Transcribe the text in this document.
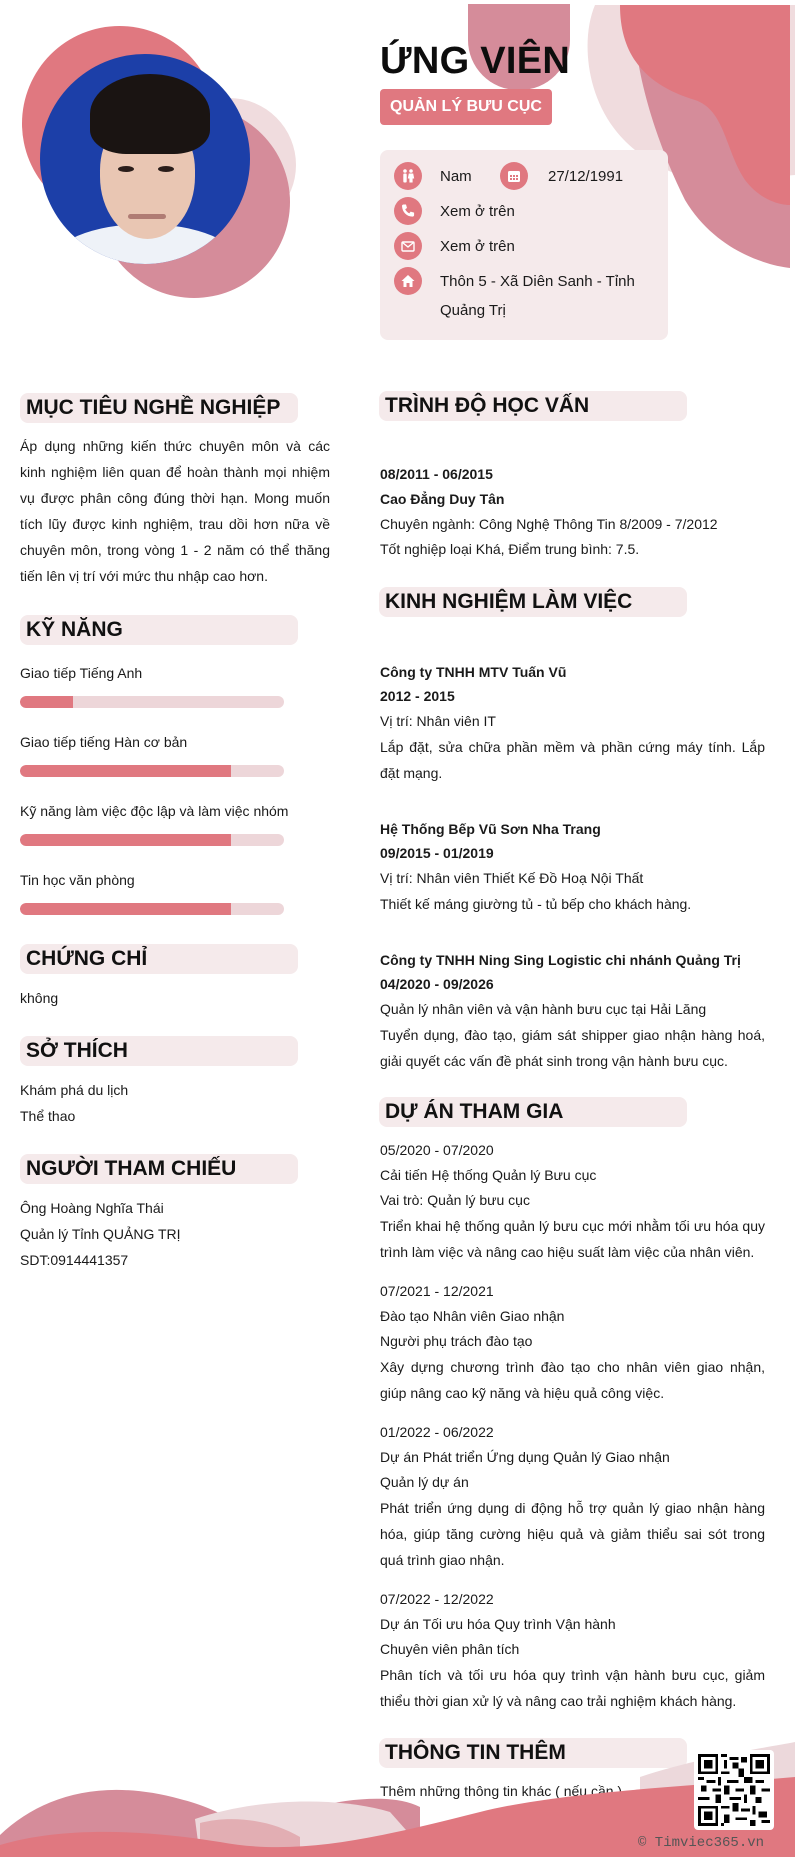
ỨNG VIÊN
QUẢN LÝ BƯU CỤC
Nam	27/12/1991
Xem ở trên
Xem ở trên
Thôn 5 - Xã Diên Sanh - Tỉnh
Quảng Trị
MỤC TIÊU NGHỀ NGHIỆP
Áp dụng những kiến thức chuyên môn và các kinh nghiệm liên quan để hoàn thành mọi nhiệm vụ được phân công đúng thời hạn. Mong muốn tích lũy được kinh nghiệm, trau dồi hơn nữa về chuyên môn, trong vòng 1 - 2 năm có thể thăng tiến lên vị trí với mức thu nhập cao hơn.
KỸ NĂNG
Giao tiếp Tiếng Anh
Giao tiếp tiếng Hàn cơ bản
Kỹ năng làm việc độc lập và làm việc nhóm
Tin học văn phòng
CHỨNG CHỈ
không
SỞ THÍCH
Khám phá du lịch
Thể thao
NGƯỜI THAM CHIẾU
Ông Hoàng Nghĩa Thái
Quản lý Tỉnh QUẢNG TRỊ
SDT:0914441357
TRÌNH ĐỘ HỌC VẤN
08/2011 - 06/2015
Cao Đẳng Duy Tân
Chuyên ngành: Công Nghệ Thông Tin 8/2009 - 7/2012
Tốt nghiệp loại Khá, Điểm trung bình: 7.5.
KINH NGHIỆM LÀM VIỆC
Công ty TNHH MTV Tuấn Vũ
2012 - 2015
Vị trí: Nhân viên IT
Lắp đặt, sửa chữa phần mềm và phần cứng máy tính. Lắp đặt mạng.
Hệ Thống Bếp Vũ Sơn Nha Trang
09/2015 - 01/2019
Vị trí: Nhân viên Thiết Kế Đồ Hoạ Nội Thất
Thiết kế máng giường tủ - tủ bếp cho khách hàng.
Công ty TNHH Ning Sing Logistic chi nhánh Quảng Trị
04/2020 - 09/2026
Quản lý nhân viên và vận hành bưu cục tại Hải Lăng
Tuyển dụng, đào tạo, giám sát shipper giao nhận hàng hoá, giải quyết các vấn đề phát sinh trong vận hành bưu cục.
DỰ ÁN THAM GIA
05/2020 - 07/2020
Cải tiến Hệ thống Quản lý Bưu cục
Vai trò: Quản lý bưu cục
Triển khai hệ thống quản lý bưu cục mới nhằm tối ưu hóa quy trình làm việc và nâng cao hiệu suất làm việc của nhân viên.
07/2021 - 12/2021
Đào tạo Nhân viên Giao nhận
Người phụ trách đào tạo
Xây dựng chương trình đào tạo cho nhân viên giao nhận, giúp nâng cao kỹ năng và hiệu quả công việc.
01/2022 - 06/2022
Dự án Phát triển Ứng dụng Quản lý Giao nhận
Quản lý dự án
Phát triển ứng dụng di động hỗ trợ quản lý giao nhận hàng hóa, giúp tăng cường hiệu quả và giảm thiểu sai sót trong quá trình giao nhận.
07/2022 - 12/2022
Dự án Tối ưu hóa Quy trình Vận hành
Chuyên viên phân tích
Phân tích và tối ưu hóa quy trình vận hành bưu cục, giảm thiểu thời gian xử lý và nâng cao trải nghiệm khách hàng.
THÔNG TIN THÊM
Thêm những thông tin khác ( nếu cần )
© Timviec365.vn
